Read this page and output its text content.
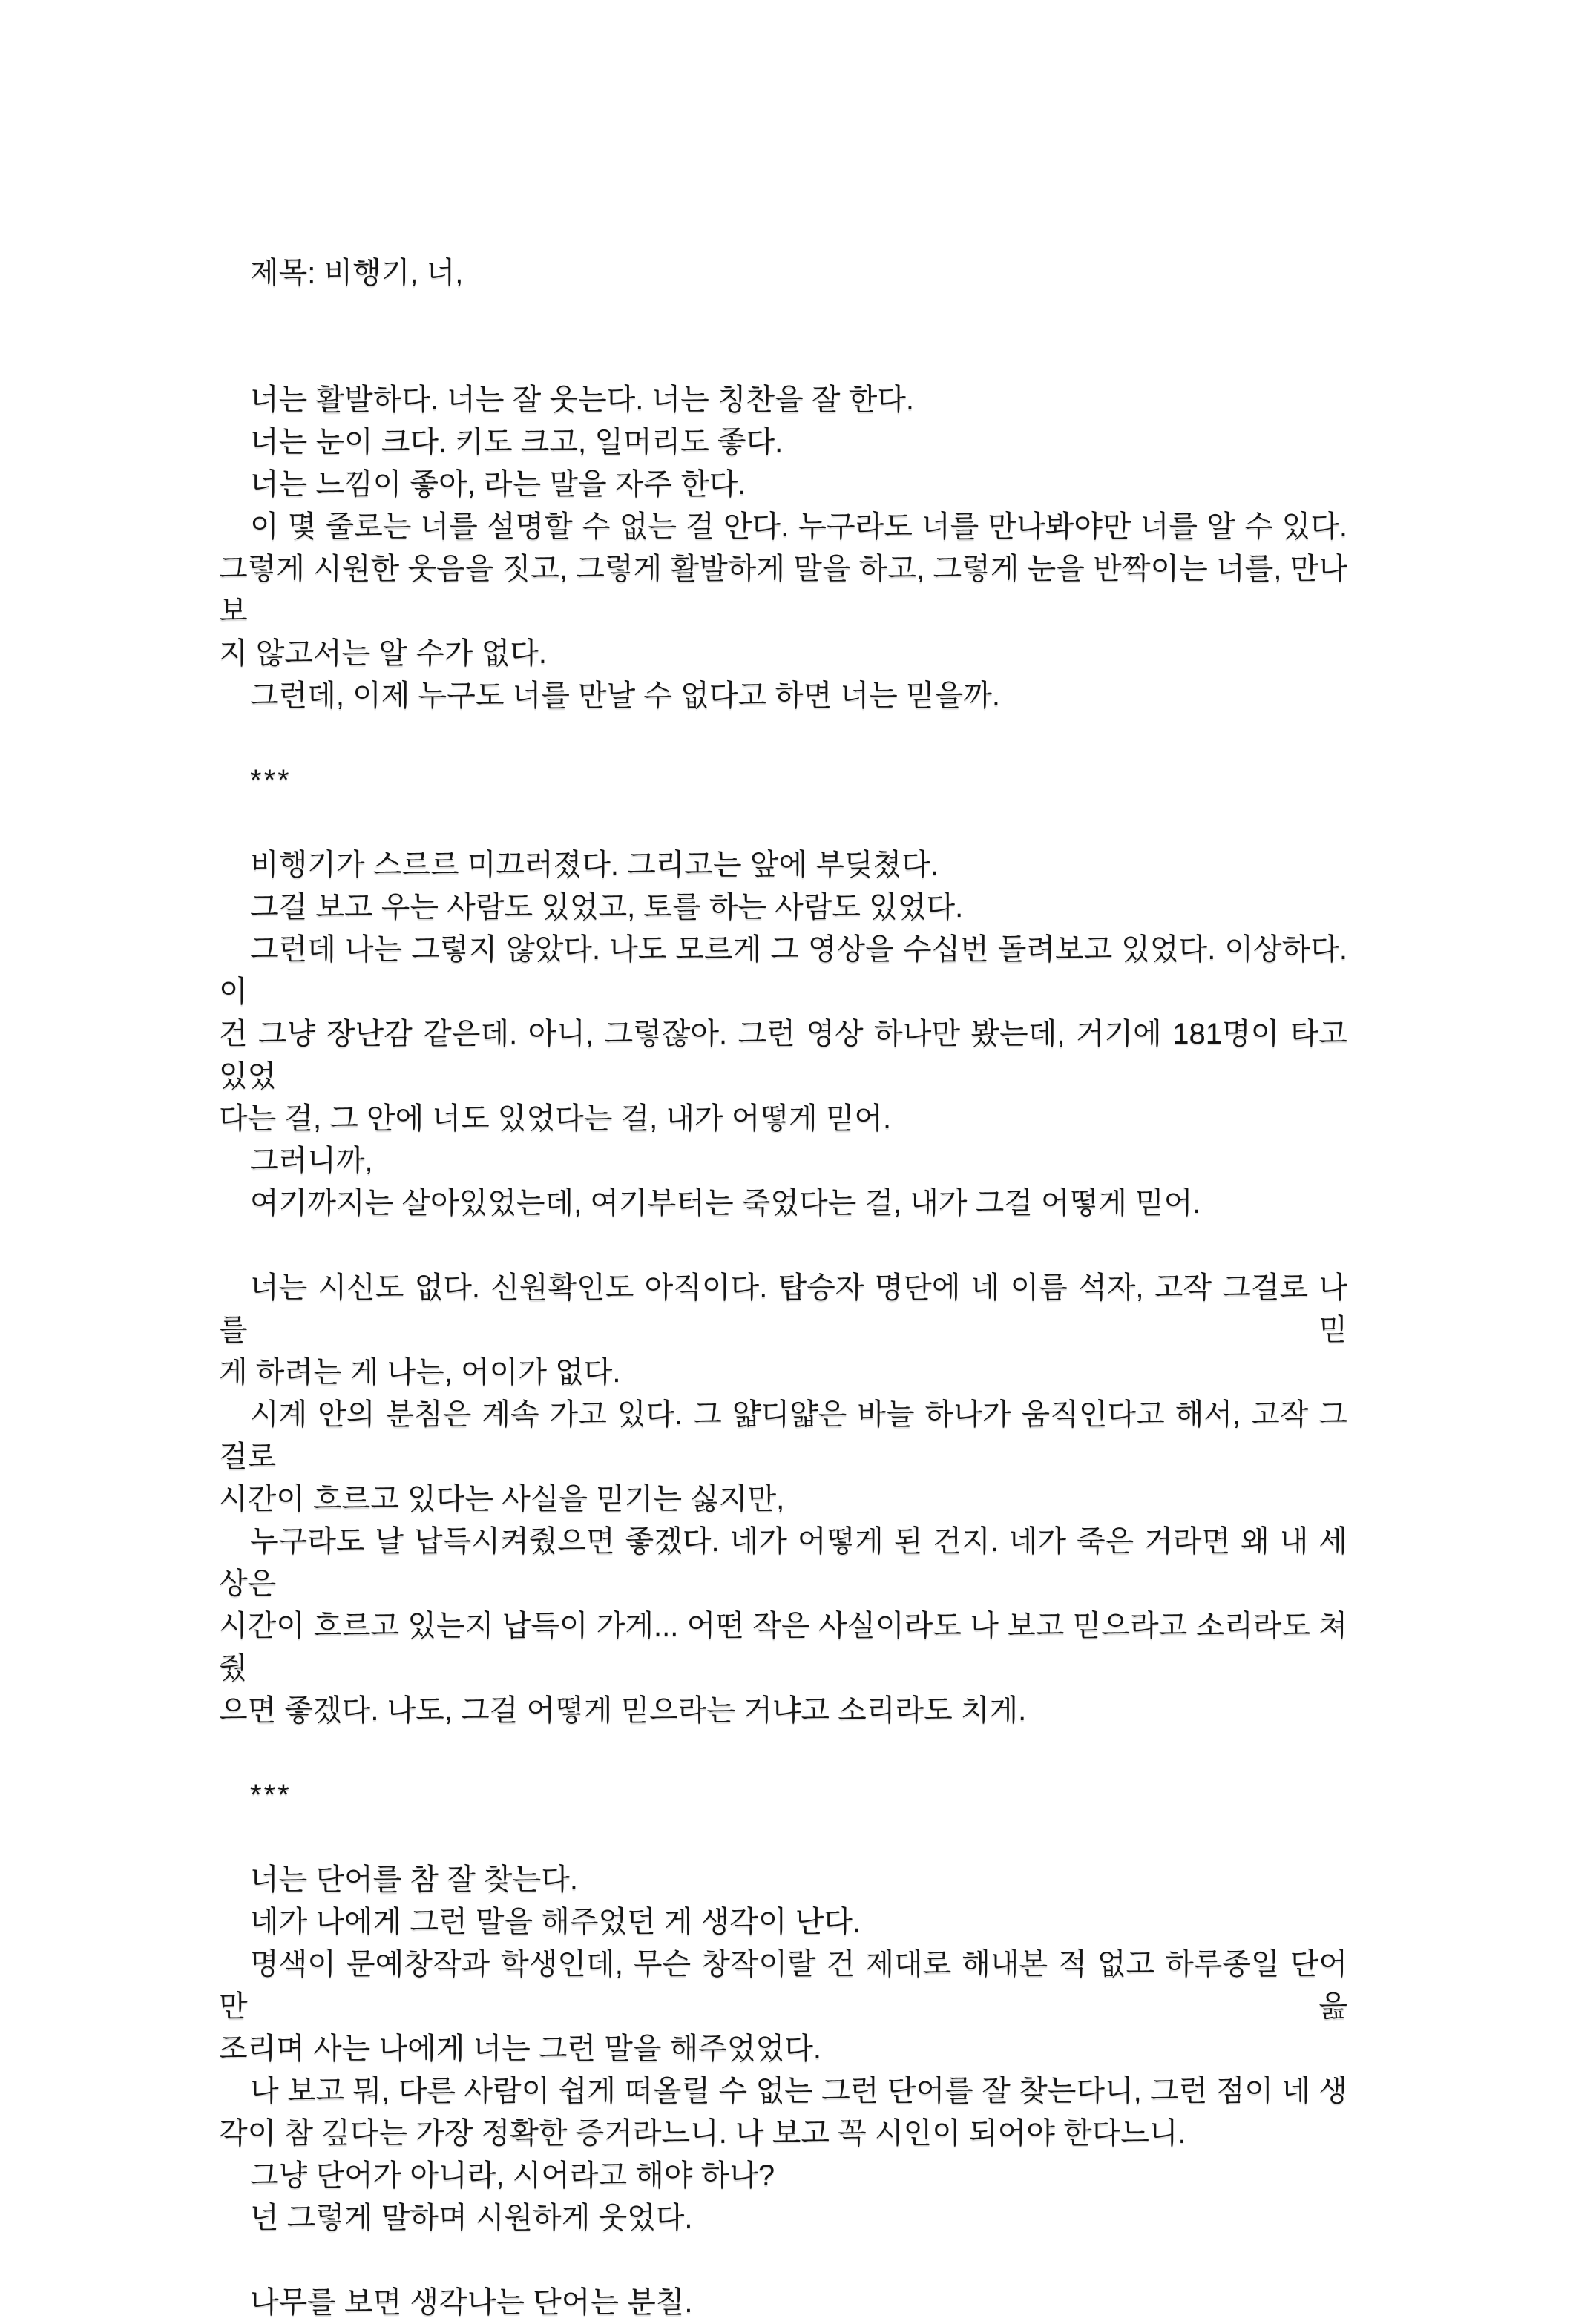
제목: 비행기, 너,
너는 활발하다. 너는 잘 웃는다. 너는 칭찬을 잘 한다.
너는 눈이 크다. 키도 크고, 일머리도 좋다.
너는 느낌이 좋아, 라는 말을 자주 한다.
이 몇 줄로는 너를 설명할 수 없는 걸 안다. 누구라도 너를 만나봐야만 너를 알 수 있다.
그렇게 시원한 웃음을 짓고, 그렇게 활발하게 말을 하고, 그렇게 눈을 반짝이는 너를, 만나보
지 않고서는 알 수가 없다.
그런데, 이제 누구도 너를 만날 수 없다고 하면 너는 믿을까.
***
비행기가 스르르 미끄러졌다. 그리고는 앞에 부딪쳤다.
그걸 보고 우는 사람도 있었고, 토를 하는 사람도 있었다.
그런데 나는 그렇지 않았다. 나도 모르게 그 영상을 수십번 돌려보고 있었다. 이상하다. 이
건 그냥 장난감 같은데. 아니, 그렇잖아. 그런 영상 하나만 봤는데, 거기에 181명이 타고 있었
다는 걸, 그 안에 너도 있었다는 걸, 내가 어떻게 믿어.
그러니까,
여기까지는 살아있었는데, 여기부터는 죽었다는 걸, 내가 그걸 어떻게 믿어.
너는 시신도 없다. 신원확인도 아직이다. 탑승자 명단에 네 이름 석자, 고작 그걸로 나를 믿
게 하려는 게 나는, 어이가 없다.
시계 안의 분침은 계속 가고 있다. 그 얇디얇은 바늘 하나가 움직인다고 해서, 고작 그걸로
시간이 흐르고 있다는 사실을 믿기는 싫지만,
누구라도 날 납득시켜줬으면 좋겠다. 네가 어떻게 된 건지. 네가 죽은 거라면 왜 내 세상은
시간이 흐르고 있는지 납득이 가게... 어떤 작은 사실이라도 나 보고 믿으라고 소리라도 쳐줬
으면 좋겠다. 나도, 그걸 어떻게 믿으라는 거냐고 소리라도 치게.
***
너는 단어를 참 잘 찾는다.
네가 나에게 그런 말을 해주었던 게 생각이 난다.
명색이 문예창작과 학생인데, 무슨 창작이랄 건 제대로 해내본 적 없고 하루종일 단어만 읊
조리며 사는 나에게 너는 그런 말을 해주었었다.
나 보고 뭐, 다른 사람이 쉽게 떠올릴 수 없는 그런 단어를 잘 찾는다니, 그런 점이 네 생
각이 참 깊다는 가장 정확한 증거라느니. 나 보고 꼭 시인이 되어야 한다느니.
그냥 단어가 아니라, 시어라고 해야 하나?
넌 그렇게 말하며 시원하게 웃었다.
나무를 보면 생각나는 단어는 분칠.
